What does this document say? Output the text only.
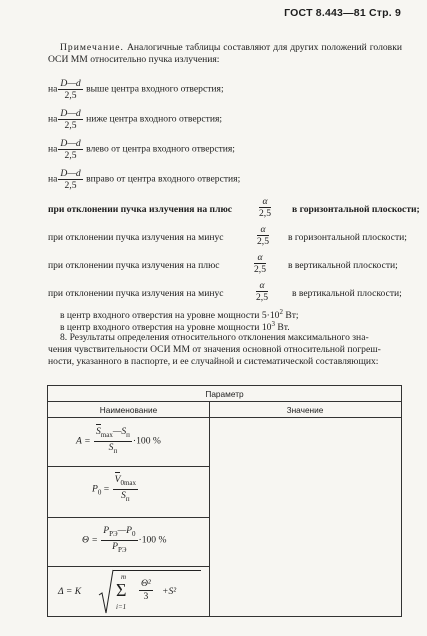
ГОСТ 8.443—81 Стр. 9
Примечание. Аналогичные таблицы составляют для других положений головки ОСИ ММ относительно пучка излучения:
на $\frac{D—d}{2,5}$ выше центра входного отверстия;
на $\frac{D—d}{2,5}$ ниже центра входного отверстия;
на $\frac{D—d}{2,5}$ влево от центра входного отверстия;
на $\frac{D—d}{2,5}$ вправо от центра входного отверстия;
при отклонении пучка излучения на плюс	$\frac{\alpha}{2,5}$ в горизонтальной плоскости;
при отклонении пучка излучения на минус	$\frac{\alpha}{2,5}$ в горизонтальной плоскости;
при отклонении пучка излучения на плюс	$\frac{\alpha}{2,5}$ в вертикальной плоскости;
при отклонении пучка излучения на минус	$\frac{\alpha}{2,5}$	в вертикальной плоскости;
в центр входного отверстия на уровне мощности $5\cdot 10^2$ Вт;
в центр входного отверстия на уровне мощности $10^3$ Вт.
8. Результаты определения относительного отклонения максимального зна-
чения чувствительности ОСИ ММ от значения основной относительной погреш-
ности, указанного в паспорте, и ее случайной и систематической составляющих:
Параметр
Наименование	Значение
$A = \frac{S_{max}—S_п}{S_п} \cdot 100$ %
$P_0 = \frac{V_{0max}}{S_п}$
$\Theta = \frac{P_{РЭ}—P_0}{P_{РЭ}} \cdot 100$ %
Δ = K
m
Σ
i=1
$\frac{\text{Θ²}}{3} +S^2$
